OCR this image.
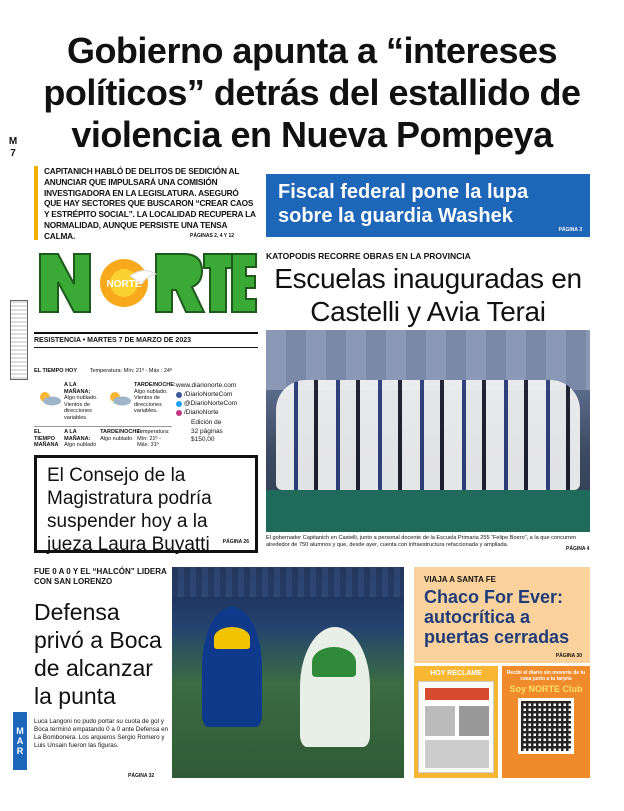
Gobierno apunta a “intereses políticos” detrás del estallido de violencia en Nueva Pompeya
M
7
CAPITANICH HABLÓ DE DELITOS DE SEDICIÓN AL ANUNCIAR QUE IMPULSARÁ UNA COMISIÓN INVESTIGADORA EN LA LEGISLATURA. ASEGURÓ QUE HAY SECTORES QUE BUSCARON “CREAR CAOS Y ESTRÉPITO SOCIAL”. LA LOCALIDAD RECUPERA LA NORMALIDAD, AUNQUE PERSISTE UNA TENSA CALMA.	PÁGINAS 2, 4 Y 12
Fiscal federal pone la lupa sobre la guardia Washek
PÁGINA 3
NORTE
RESISTENCIA • MARTES 7 DE MARZO DE 2023
EL TIEMPO HOY Temperatura: Mín: 21º - Máx : 24º
A LA MAÑANA:
Algo nublado. Vientos de direcciones variables.
TARDE/NOCHE:
Algo nublado. Vientos de direcciones variables.
EL TIEMPO MAÑANA
A LA MAÑANA:
Algo nublado
TARDE/NOCHE:
Algo nublado
Temperatura: Mín: 21º - Máx: 31º
www.diarionorte.com
/DiarioNorteCom
@DiarioNorteCom
/DiarioNorte
Edición de
32 páginas
$150,00
El Consejo de la Magistratura podría suspender hoy a la jueza Laura Buyatti	PÁGINA 26
FUE 0 A 0 Y EL “HALCÓN” LIDERA CON SAN LORENZO
Defensa privó a Boca de alcanzar la punta
MAR
Luca Langoni no pudo portar su cuota de gol y Boca terminó empatando 0 a 0 ante Defensa en La Bombonera. Los arqueros Sergio Romero y Luis Unsain fueron las figuras.
PÁGINA 32
KATOPODIS RECORRE OBRAS EN LA PROVINCIA
Escuelas inauguradas en Castelli y Avia Terai
El gobernador Capitanich en Castelli, junto a personal docente de la Escuela Primaria 255 “Felipe Boero”, a la que concurren alrededor de 750 alumnos y que, desde ayer, cuenta con infraestructura refaccionada y ampliada.
PÁGINA 4
VIAJA A SANTA FE
Chaco For Ever: autocrítica a puertas cerradas
PÁGINA 30
HOY RECLAME	Recibí el diario sin moverte de tu casa junto a tu tarjeta
Soy NORTE Club
